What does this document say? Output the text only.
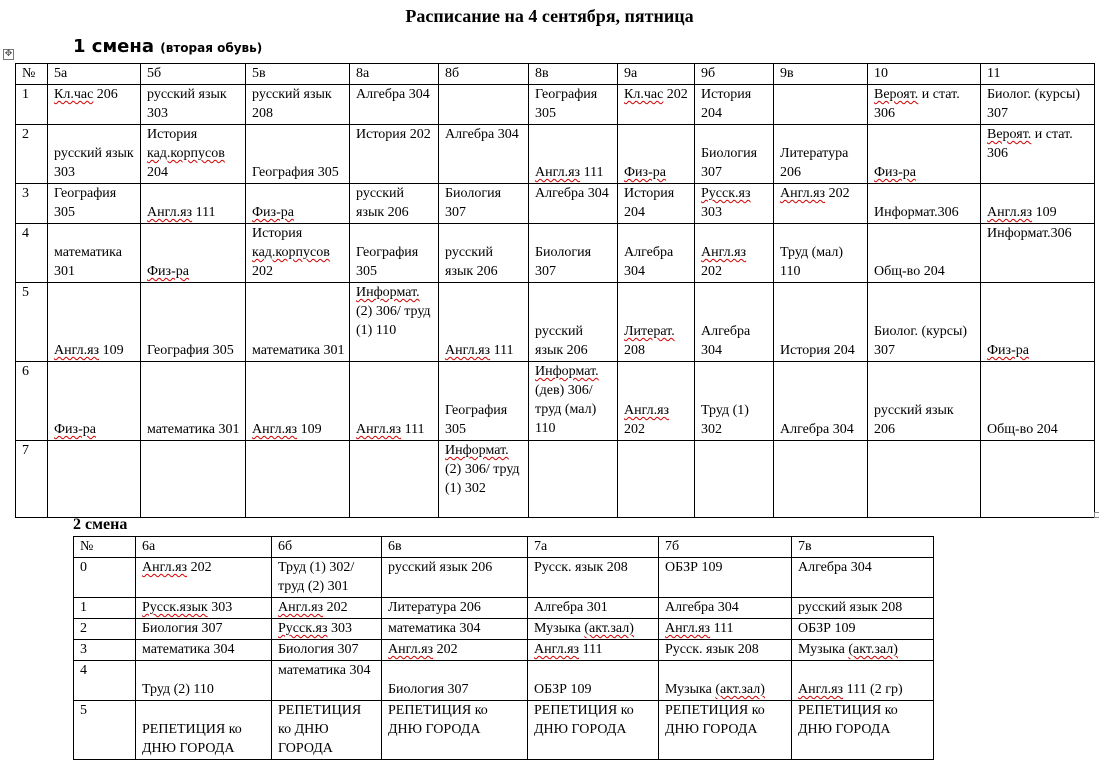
Расписание на 4 сентября, пятница
✥	1 смена (вторая обувь)
№	5а	5б	5в	8а	8б	8в	9а	9б	9в	10	11
1	Кл.час 206	русский язык 303	русский язык 208	Алгебра 304		География 305	Кл.час 202	История 204		Вероят. и стат. 306	Биолог. (курсы) 307
2	русский язык 303	История кад.корпусов 204	География 305	История 202	Алгебра 304	Англ.яз 111	Физ-ра	Биология 307	Литература 206	Физ-ра	Вероят. и стат. 306
3	География 305	Англ.яз 111	Физ-ра	русский язык 206	Биология 307	Алгебра 304	История 204	Русск.яз 303	Англ.яз 202	Информат.306	Англ.яз 109
4	математика 301	Физ-ра	История кад.корпусов 202	География 305	русский язык 206	Биология 307	Алгебра 304	Англ.яз 202	Труд (мал) 110	Общ-во 204	Информат.306
5	Англ.яз 109	География 305	математика 301	Информат. (2) 306/ труд (1) 110	Англ.яз 111	русский язык 206	Литерат. 208	Алгебра 304	История 204	Биолог. (курсы) 307	Физ-ра
6	Физ-ра	математика 301	Англ.яз 109	Англ.яз 111	География 305	Информат. (дев) 306/ труд (мал) 110	Англ.яз 202	Труд (1) 302	Алгебра 304	русский язык 206	Общ-во 204
7					Информат. (2) 306/ труд (1) 302						
2 смена
№	6а	6б	6в	7а	7б	7в
0	Англ.яз 202	Труд (1) 302/ труд (2) 301	русский язык 206	Русск. язык 208	ОБЗР 109	Алгебра 304
1	Русск.язык 303	Англ.яз 202	Литература 206	Алгебра 301	Алгебра 304	русский язык 208
2	Биология 307	Русск.яз 303	математика 304	Музыка (акт.зал)	Англ.яз 111	ОБЗР 109
3	математика 304	Биология 307	Англ.яз 202	Англ.яз 111	Русск. язык 208	Музыка (акт.зал)
4	Труд (2) 110	математика 304	Биология 307	ОБЗР 109	Музыка (акт.зал)	Англ.яз 111 (2 гр)
5	РЕПЕТИЦИЯ ко ДНЮ ГОРОДА	РЕПЕТИЦИЯ ко ДНЮ ГОРОДА	РЕПЕТИЦИЯ ко ДНЮ ГОРОДА	РЕПЕТИЦИЯ ко ДНЮ ГОРОДА	РЕПЕТИЦИЯ ко ДНЮ ГОРОДА	РЕПЕТИЦИЯ ко ДНЮ ГОРОДА
